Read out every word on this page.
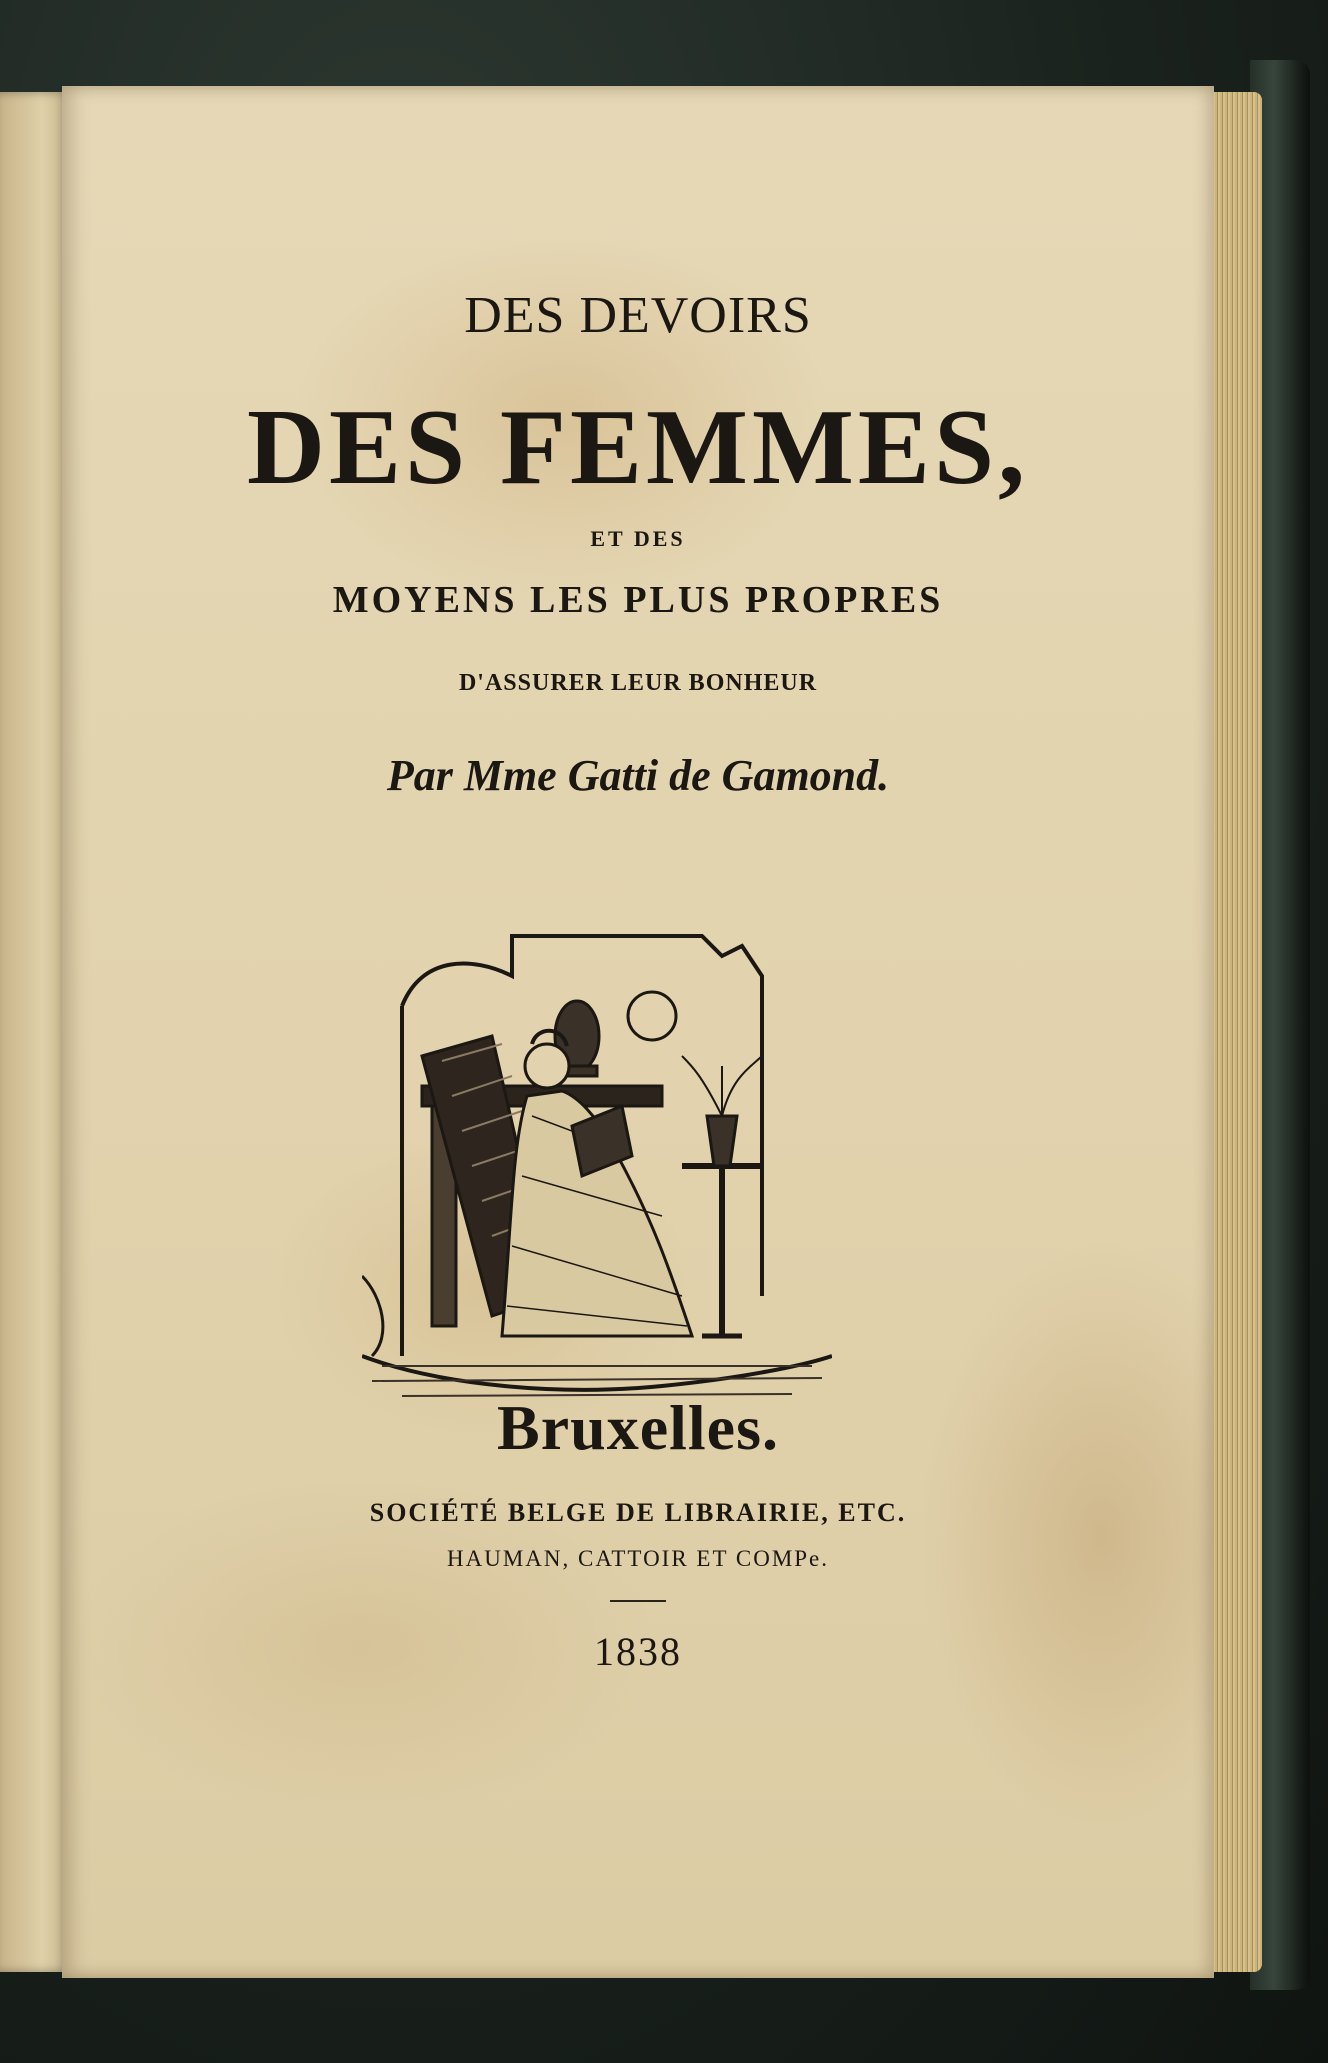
DES DEVOIRS
DES FEMMES,
ET DES
MOYENS LES PLUS PROPRES
D'ASSURER LEUR BONHEUR
Par Mme Gatti de Gamond.
Bruxelles.
SOCIÉTÉ BELGE DE LIBRAIRIE, ETC.
HAUMAN, CATTOIR ET COMPe.
1838
